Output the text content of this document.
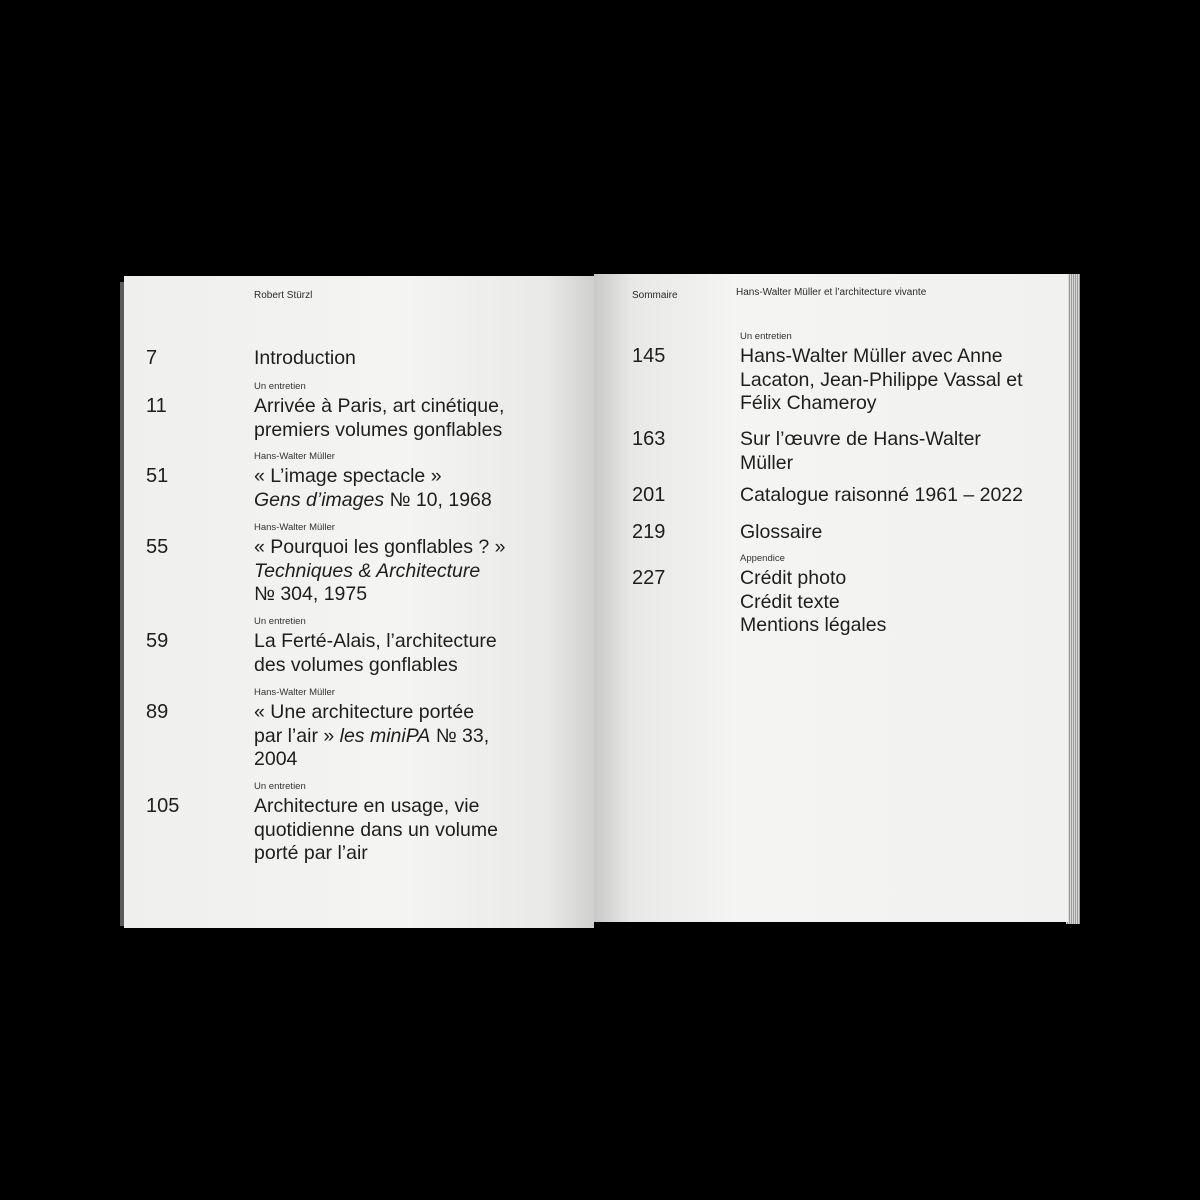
Robert Stürzl
7	Introduction
Un entretien
11	Arrivée à Paris, art cinétique,
premiers volumes gonflables
Hans-Walter Müller
51	« L’image spectacle »
Gens d’images № 10, 1968
Hans-Walter Müller
55	« Pourquoi les gonflables ? »
Techniques & Architecture
№ 304, 1975
Un entretien
59	La Ferté-Alais, l’architecture
des volumes gonflables
Hans-Walter Müller
89	« Une architecture portée
par l’air » les miniPA № 33,
2004
Un entretien
105	Architecture en usage, vie
quotidienne dans un volume
porté par l’air
Sommaire	Hans-Walter Müller et l’architecture vivante
Un entretien
145	Hans-Walter Müller avec Anne
Lacaton, Jean-Philippe Vassal et
Félix Chameroy
163	Sur l’œuvre de Hans-Walter
Müller
201	Catalogue raisonné 1961 – 2022
219	Glossaire
Appendice
227	Crédit photo
Crédit texte
Mentions légales
